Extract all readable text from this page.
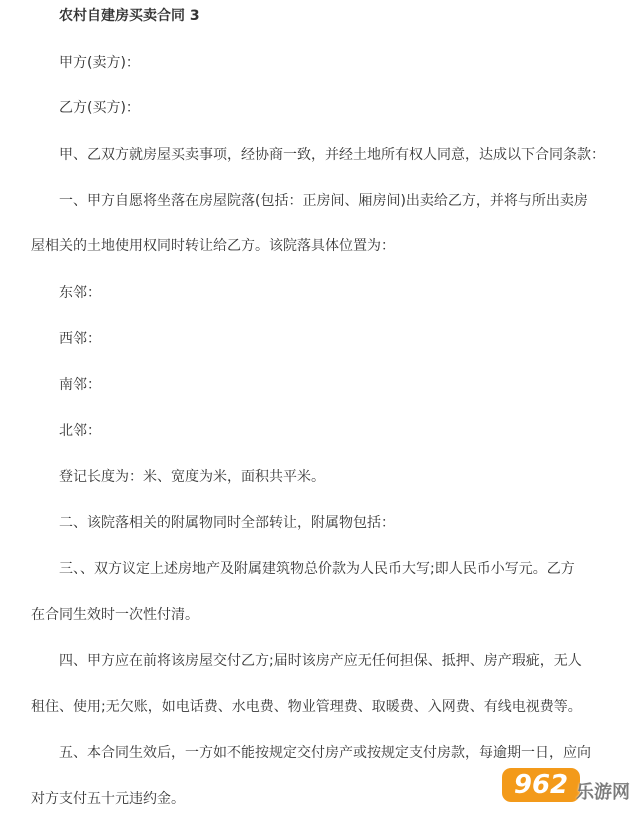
农村自建房买卖合同 3
甲方(卖方)：
乙方(买方)：
甲、乙双方就房屋买卖事项，经协商一致，并经土地所有权人同意，达成以下合同条款：
一、甲方自愿将坐落在房屋院落(包括：正房间、厢房间)出卖给乙方，并将与所出卖房
屋相关的土地使用权同时转让给乙方。该院落具体位置为：
东邻：
西邻：
南邻：
北邻：
登记长度为：米、宽度为米，面积共平米。
二、该院落相关的附属物同时全部转让，附属物包括：
三、、双方议定上述房地产及附属建筑物总价款为人民币大写;即人民币小写元。乙方
在合同生效时一次性付清。
四、甲方应在前将该房屋交付乙方;届时该房产应无任何担保、抵押、房产瑕疵，无人
租住、使用;无欠账，如电话费、水电费、物业管理费、取暖费、入网费、有线电视费等。
五、本合同生效后，一方如不能按规定交付房产或按规定支付房款，每逾期一日，应向
对方支付五十元违约金。	962 乐游网
